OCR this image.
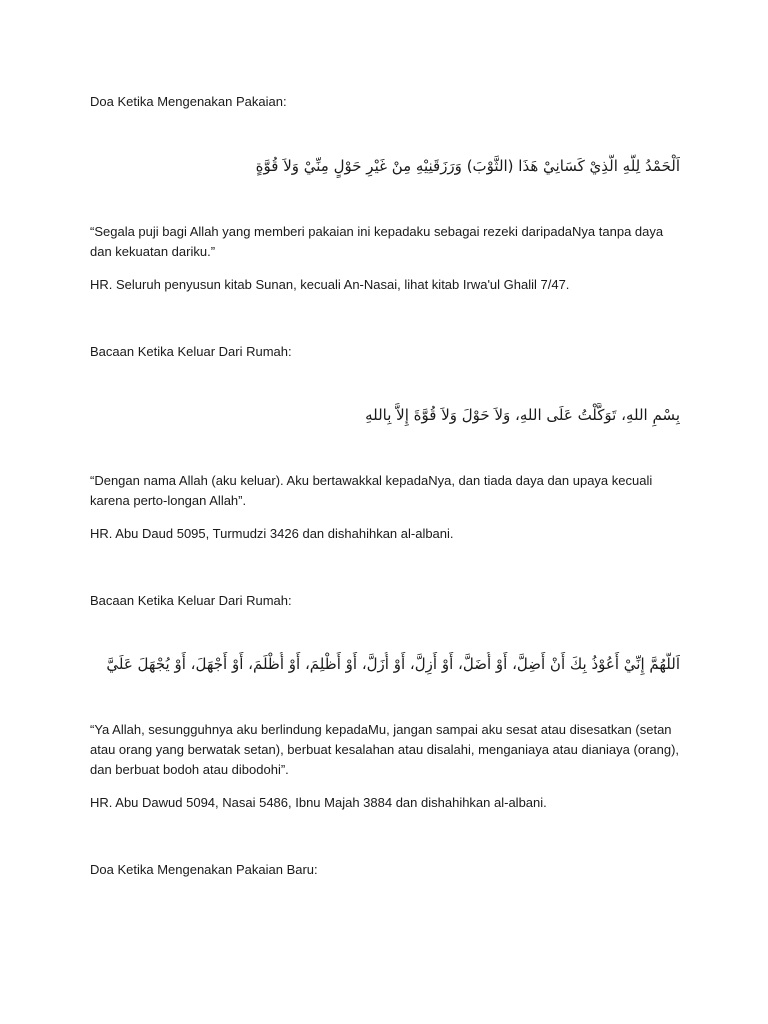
Doa Ketika Mengenakan Pakaian:

اَلْحَمْدُ لِلَّهِ الَّذِيْ كَسَانِيْ هَذَا (الثَّوْبَ) وَرَزَقَنِيْهِ مِنْ غَيْرِ حَوْلٍ مِنِّيْ وَلاَ قُوَّةٍ

“Segala puji bagi Allah yang memberi pakaian ini kepadaku sebagai rezeki daripadaNya tanpa daya dan kekuatan dariku.”

HR. Seluruh penyusun kitab Sunan, kecuali An-Nasai, lihat kitab Irwa'ul Ghalil 7/47.

Bacaan Ketika Keluar Dari Rumah:

بِسْمِ اللهِ، تَوَكَّلْتُ عَلَى اللهِ، وَلاَ حَوْلَ وَلاَ قُوَّةَ إِلاَّ بِاللهِ

“Dengan nama Allah (aku keluar). Aku bertawakkal kepadaNya, dan tiada daya dan upaya kecuali karena perto-longan Allah”.

HR. Abu Daud 5095, Turmudzi 3426 dan dishahihkan al-albani.

Bacaan Ketika Keluar Dari Rumah:

اَللَّهُمَّ إِنِّيْ أَعُوْذُ بِكَ أَنْ أَضِلَّ، أَوْ أُضَلَّ، أَوْ أَزِلَّ، أَوْ أُزَلَّ، أَوْ أَظْلِمَ، أَوْ أُظْلَمَ، أَوْ أَجْهَلَ، أَوْ يُجْهَلَ عَلَيَّ

“Ya Allah, sesungguhnya aku berlindung kepadaMu, jangan sampai aku sesat atau disesatkan (setan atau orang yang berwatak setan), berbuat kesalahan atau disalahi, menganiaya atau dianiaya (orang), dan berbuat bodoh atau dibodohi”.

HR. Abu Dawud 5094, Nasai 5486, Ibnu Majah 3884 dan dishahihkan al-albani.

Doa Ketika Mengenakan Pakaian Baru:
